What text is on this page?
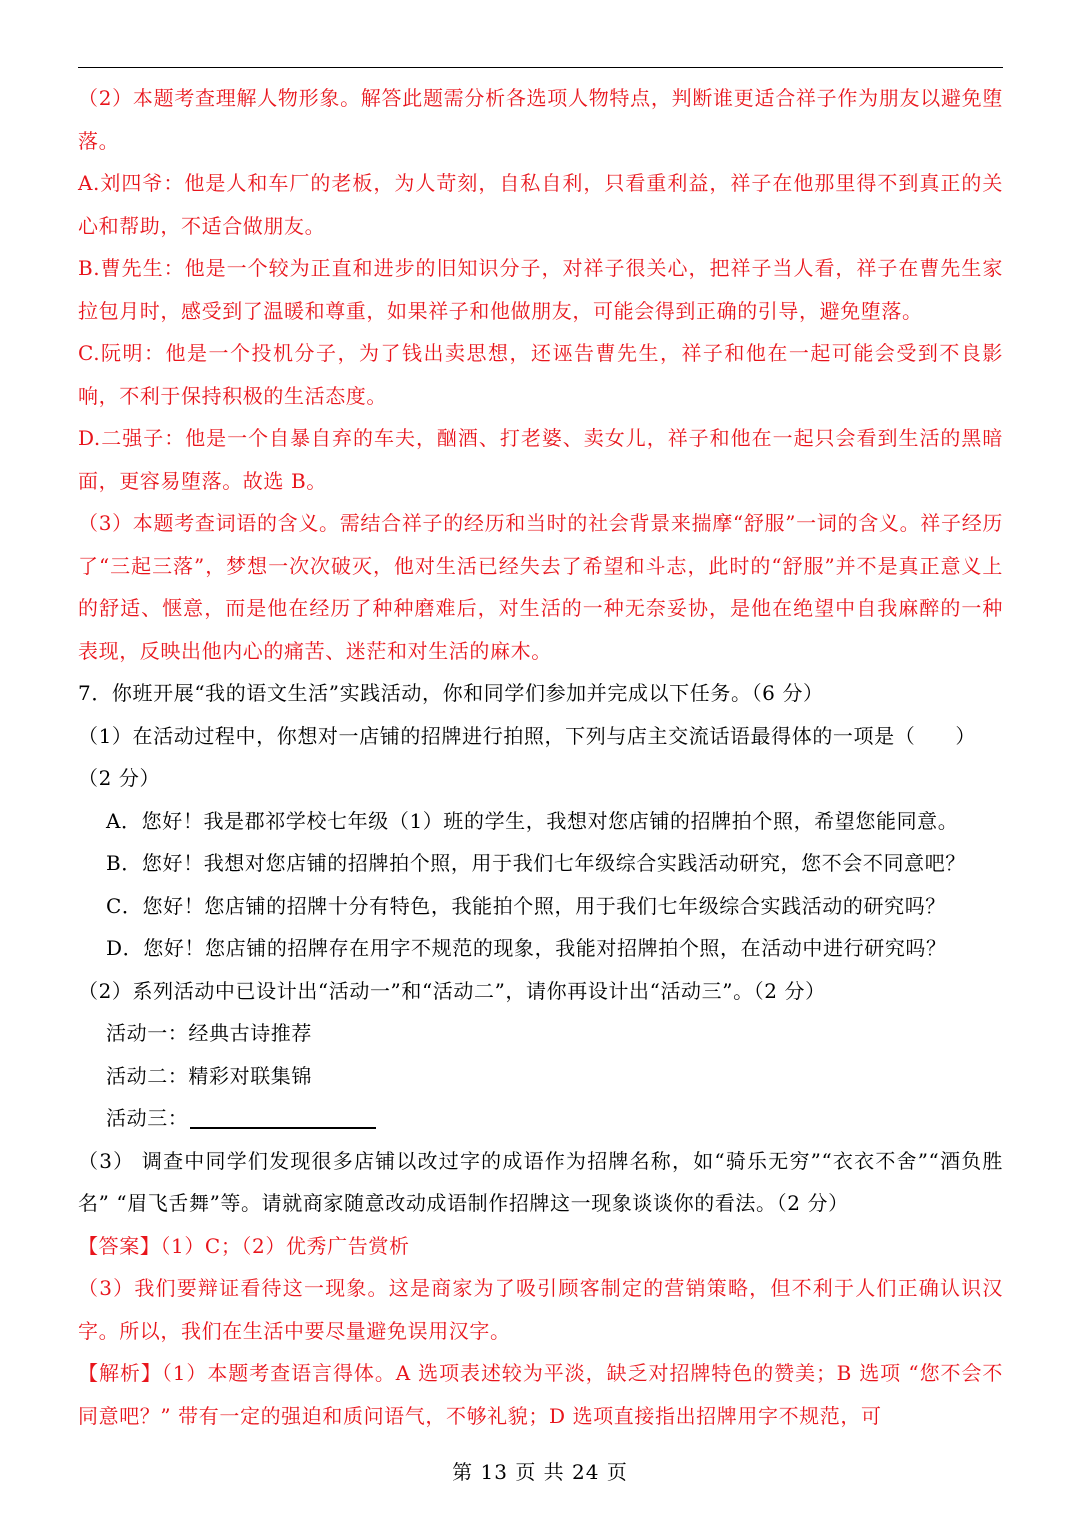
（2）本题考查理解人物形象。解答此题需分析各选项人物特点，判断谁更适合祥子作为朋友以避免堕落。

A.刘四爷：他是人和车厂的老板，为人苛刻，自私自利，只看重利益，祥子在他那里得不到真正的关心和帮助，不适合做朋友。

B.曹先生：他是一个较为正直和进步的旧知识分子，对祥子很关心，把祥子当人看，祥子在曹先生家拉包月时，感受到了温暖和尊重，如果祥子和他做朋友，可能会得到正确的引导，避免堕落。

C.阮明：他是一个投机分子，为了钱出卖思想，还诬告曹先生，祥子和他在一起可能会受到不良影响，不利于保持积极的生活态度。

D.二强子：他是一个自暴自弃的车夫，酗酒、打老婆、卖女儿，祥子和他在一起只会看到生活的黑暗面，更容易堕落。故选 B。

（3）本题考查词语的含义。需结合祥子的经历和当时的社会背景来揣摩“舒服”一词的含义。祥子经历了“三起三落”，梦想一次次破灭，他对生活已经失去了希望和斗志，此时的“舒服”并不是真正意义上的舒适、惬意，而是他在经历了种种磨难后，对生活的一种无奈妥协，是他在绝望中自我麻醉的一种表现，反映出他内心的痛苦、迷茫和对生活的麻木。

7．你班开展“我的语文生活”实践活动，你和同学们参加并完成以下任务。（6 分）

（1）在活动过程中，你想对一店铺的招牌进行拍照，下列与店主交流话语最得体的一项是（ ）

（2 分）

A．您好！我是郡祁学校七年级（1）班的学生，我想对您店铺的招牌拍个照，希望您能同意。

B．您好！我想对您店铺的招牌拍个照，用于我们七年级综合实践活动研究，您不会不同意吧？

C．您好！您店铺的招牌十分有特色，我能拍个照，用于我们七年级综合实践活动的研究吗？

D．您好！您店铺的招牌存在用字不规范的现象，我能对招牌拍个照，在活动中进行研究吗？

（2）系列活动中已设计出“活动一”和“活动二”，请你再设计出“活动三”。（2 分）

活动一：经典古诗推荐

活动二：精彩对联集锦

活动三：

（3） 调查中同学们发现很多店铺以改过字的成语作为招牌名称，如“骑乐无穷”“衣衣不舍”“酒负胜名” “眉飞舌舞”等。请就商家随意改动成语制作招牌这一现象谈谈你的看法。（2 分）

【答案】（1）C；（2）优秀广告赏析

（3）我们要辩证看待这一现象。这是商家为了吸引顾客制定的营销策略，但不利于人们正确认识汉字。所以，我们在生活中要尽量避免误用汉字。

【解析】（1）本题考查语言得体。A 选项表述较为平淡，缺乏对招牌特色的赞美；B 选项 “您不会不同意吧？” 带有一定的强迫和质问语气，不够礼貌；D 选项直接指出招牌用字不规范，可

第 13 页 共 24 页
